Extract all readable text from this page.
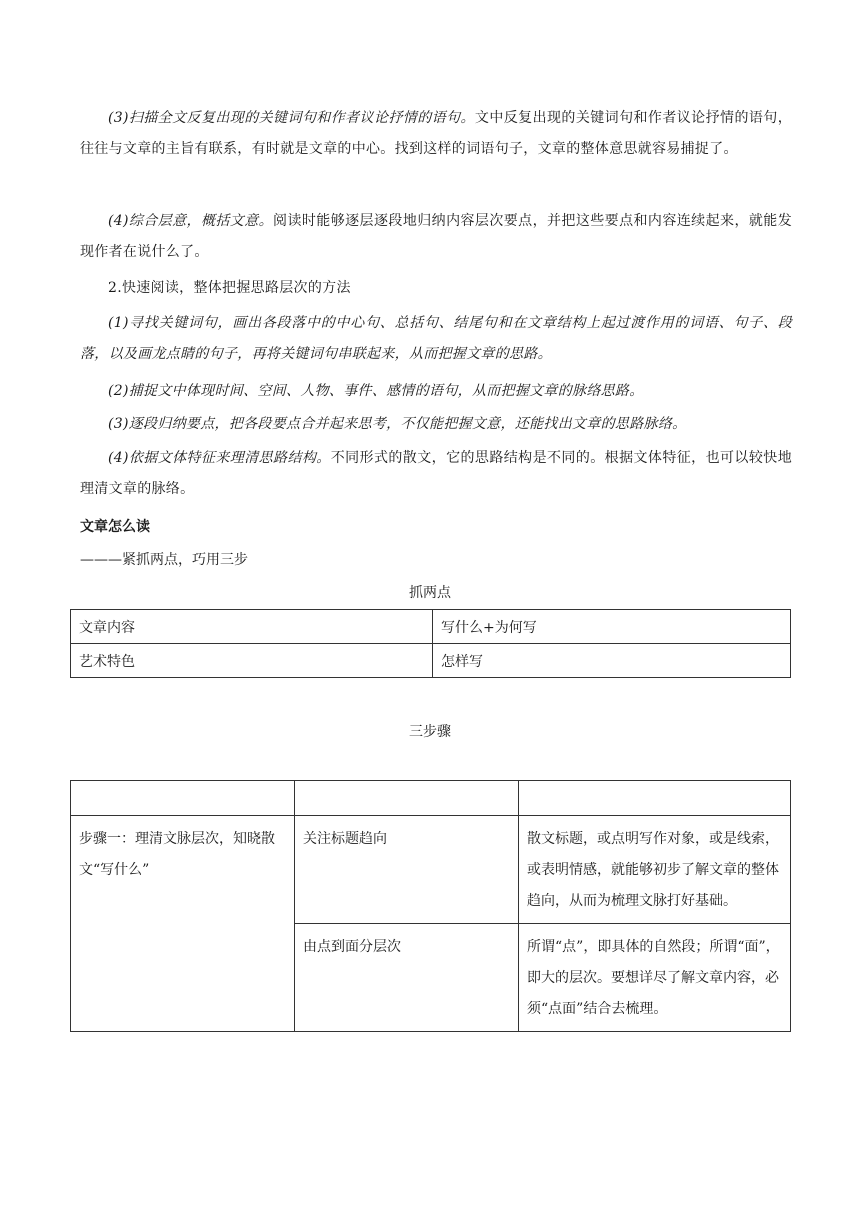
(3)扫描全文反复出现的关键词句和作者议论抒情的语句。文中反复出现的关键词句和作者议论抒情的语句，往往与文章的主旨有联系，有时就是文章的中心。找到这样的词语句子，文章的整体意思就容易捕捉了。
(4)综合层意，概括文意。阅读时能够逐层逐段地归纳内容层次要点，并把这些要点和内容连续起来，就能发现作者在说什么了。
2.快速阅读，整体把握思路层次的方法
(1)寻找关键词句，画出各段落中的中心句、总括句、结尾句和在文章结构上起过渡作用的词语、句子、段落，以及画龙点睛的句子，再将关键词句串联起来，从而把握文章的思路。
(2)捕捉文中体现时间、空间、人物、事件、感情的语句，从而把握文章的脉络思路。
(3)逐段归纳要点，把各段要点合并起来思考，不仅能把握文意，还能找出文章的思路脉络。
(4)依据文体特征来理清思路结构。不同形式的散文，它的思路结构是不同的。根据文体特征，也可以较快地理清文章的脉络。
文章怎么读
———紧抓两点，巧用三步
抓两点
文章内容	写什么+为何写
艺术特色	怎样写
三步骤

步骤一：理清文脉层次，知晓散文“写什么”	关注标题趋向	散文标题，或点明写作对象，或是线索，或表明情感，就能够初步了解文章的整体趋向，从而为梳理文脉打好基础。
	由点到面分层次	所谓“点”，即具体的自然段；所谓“面”，即大的层次。要想详尽了解文章内容，必须“点面”结合去梳理。
